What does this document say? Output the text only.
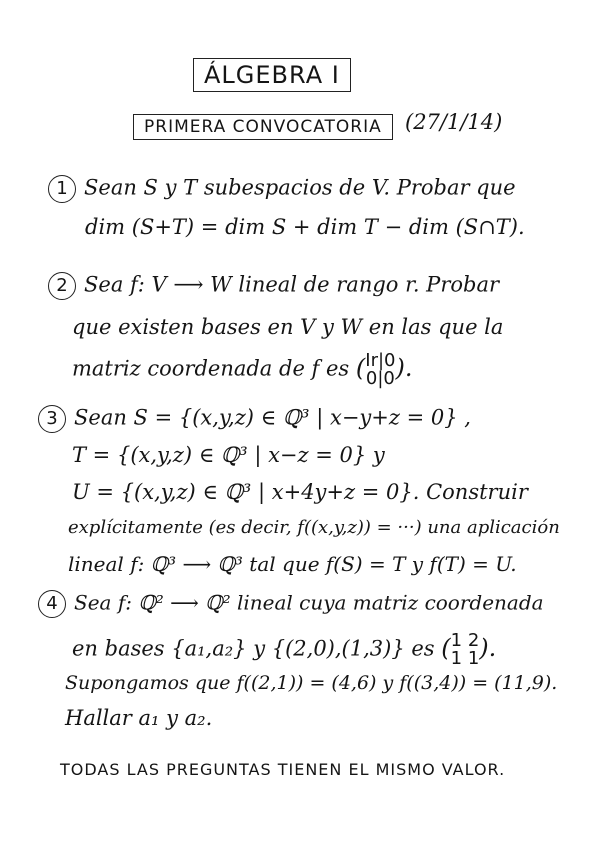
ÁLGEBRA I
PRIMERA CONVOCATORIA	(27/1/14)
1 Sean S y T subespacios de V. Probar que
dim (S+T) = dim S + dim T − dim (S∩T).
2 Sea f: V ⟶ W lineal de rango r. Probar
que existen bases en V y W en las que la
matriz coordenada de f es (Ir|0
0|0).
3 Sean S = {(x,y,z) ∈ ℚ³ | x−y+z = 0} ,
T = {(x,y,z) ∈ ℚ³ | x−z = 0} y
U = {(x,y,z) ∈ ℚ³ | x+4y+z = 0}. Construir
explícitamente (es decir, f((x,y,z)) = ···) una aplicación
lineal f: ℚ³ ⟶ ℚ³ tal que f(S) = T y f(T) = U.
4 Sea f: ℚ² ⟶ ℚ² lineal cuya matriz coordenada
en bases {a₁,a₂} y {(2,0),(1,3)} es (1 2
1 1).
Supongamos que f((2,1)) = (4,6) y f((3,4)) = (11,9).
Hallar a₁ y a₂.
TODAS LAS PREGUNTAS TIENEN EL MISMO VALOR.
